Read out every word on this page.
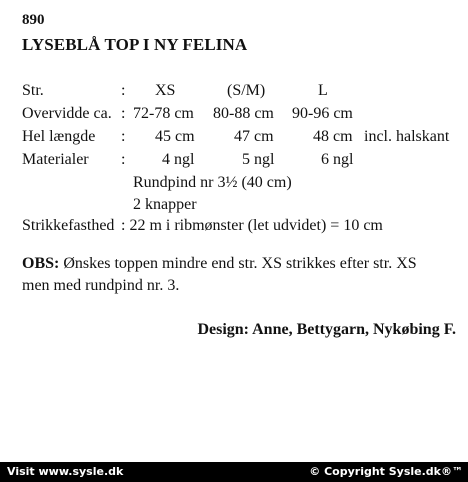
890
LYSEBLÅ TOP I NY FELINA
Str.	: XS	(S/M)	L
Overvidde ca. : 72-78 cm 80-88 cm 90-96 cm
Hel længde : 45 cm 47 cm 48 cm incl. halskant
Materialer : 4 ngl	5 ngl	6 ngl
Rundpind nr 3½ (40 cm)
2 knapper
Strikkefasthed : 22 m i ribmønster (let udvidet) = 10 cm
OBS: Ønskes toppen mindre end str. XS strikkes efter str. XS
men med rundpind nr. 3.
Design: Anne, Bettygarn, Nykøbing F.
Visit www.sysle.dk	© Copyright Sysle.dk®™
